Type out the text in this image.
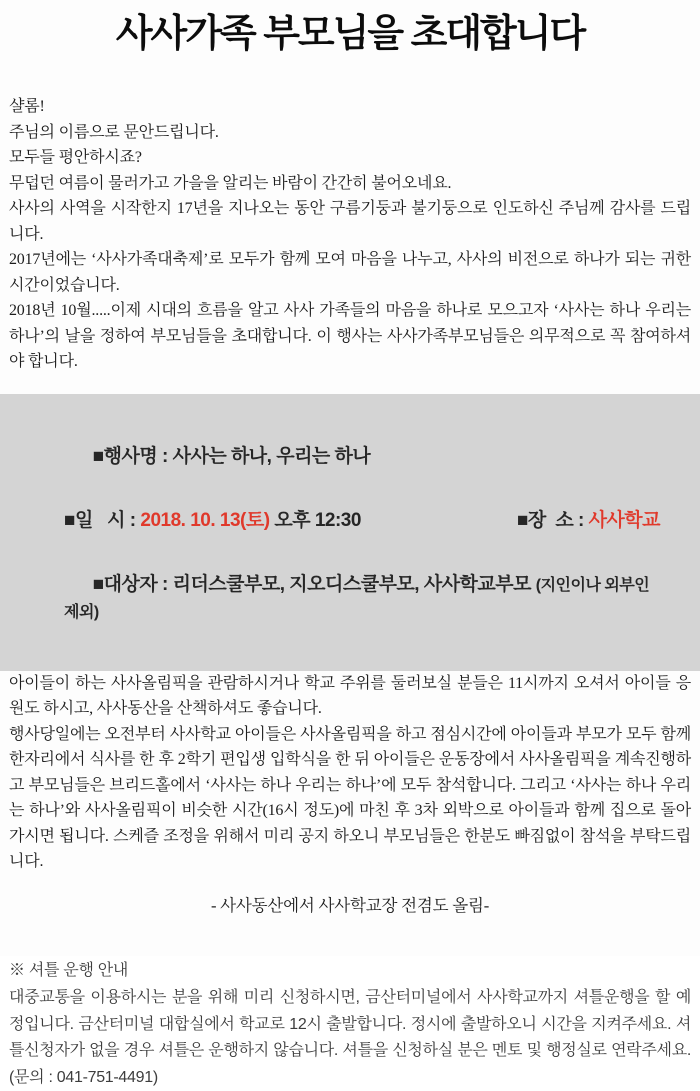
사사가족 부모님을 초대합니다
샬롬!
주님의 이름으로 문안드립니다.
모두들 평안하시죠?

무덥던 여름이 물러가고 가을을 알리는 바람이 간간히 불어오네요.
사사의 사역을 시작한지 17년을 지나오는 동안 구름기둥과 불기둥으로 인도하신 주님께 감사를 드립니다.

2017년에는 ‘사사가족대축제’로 모두가 함께 모여 마음을 나누고, 사사의 비전으로 하나가 되는 귀한 시간이었습니다.

2018년 10월.....이제 시대의 흐름을 알고 사사 가족들의 마음을 하나로 모으고자 ‘사사는 하나 우리는 하나’의 날을 정하여 부모님들을 초대합니다. 이 행사는 사사가족부모님들은 의무적으로 꼭 참여하셔야 합니다.

■행사명 : 사사는 하나, 우리는 하나

■일   시 : 2018. 10. 13(토) 오후 12:30	■장  소 : 사사학교

■대상자 : 리더스쿨부모, 지오디스쿨부모, 사사학교부모 (지인이나 외부인 제외)

아이들이 하는 사사올림픽을 관람하시거나 학교 주위를 둘러보실 분들은 11시까지 오셔서 아이들 응원도 하시고, 사사동산을 산책하셔도 좋습니다.

행사당일에는 오전부터 사사학교 아이들은 사사올림픽을 하고 점심시간에 아이들과 부모가 모두 함께 한자리에서 식사를 한 후 2학기 편입생 입학식을 한 뒤 아이들은 운동장에서 사사올림픽을 계속진행하고 부모님들은 브리드홀에서 ‘사사는 하나 우리는 하나’에 모두 참석합니다. 그리고 ‘사사는 하나 우리는 하나’와 사사올림픽이 비슷한 시간(16시 정도)에 마친 후 3차 외박으로 아이들과 함께 집으로 돌아가시면 됩니다. 스케즐 조정을 위해서 미리 공지 하오니 부모님들은 한분도 빠짐없이 참석을 부탁드립니다.

- 사사동산에서 사사학교장 전겸도 올림-

※ 셔틀 운행 안내

대중교통을 이용하시는 분을 위해 미리 신청하시면, 금산터미널에서 사사학교까지 셔틀운행을 할 예정입니다. 금산터미널 대합실에서 학교로 12시 출발합니다. 정시에 출발하오니 시간을 지켜주세요. 셔틀신청자가 없을 경우 셔틀은 운행하지 않습니다. 셔틀을 신청하실 분은 멘토 및 행정실로 연락주세요. (문의 : 041-751-4491)
